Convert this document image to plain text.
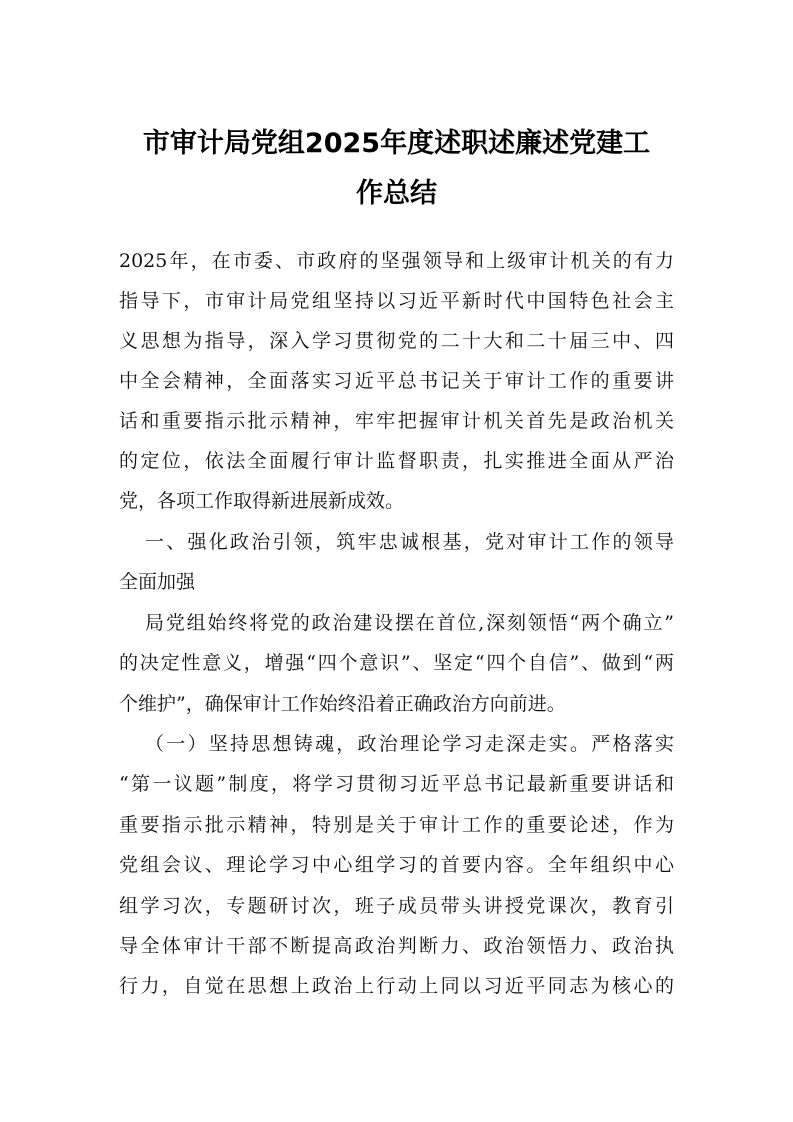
市审计局党组2025年度述职述廉述党建工
作总结
2025年，在市委、市政府的坚强领导和上级审计机关的有力
指导下，市审计局党组坚持以习近平新时代中国特色社会主
义思想为指导，深入学习贯彻党的二十大和二十届三中、四
中全会精神，全面落实习近平总书记关于审计工作的重要讲
话和重要指示批示精神，牢牢把握审计机关首先是政治机关
的定位，依法全面履行审计监督职责，扎实推进全面从严治
党，各项工作取得新进展新成效。
一、强化政治引领，筑牢忠诚根基，党对审计工作的领导
全面加强
局党组始终将党的政治建设摆在首位,深刻领悟“两个确立”
的决定性意义，增强“四个意识”、坚定“四个自信”、做到“两
个维护”，确保审计工作始终沿着正确政治方向前进。
（一）坚持思想铸魂，政治理论学习走深走实。严格落实
“第一议题”制度，将学习贯彻习近平总书记最新重要讲话和
重要指示批示精神，特别是关于审计工作的重要论述，作为
党组会议、理论学习中心组学习的首要内容。全年组织中心
组学习次，专题研讨次，班子成员带头讲授党课次，教育引
导全体审计干部不断提高政治判断力、政治领悟力、政治执
行力，自觉在思想上政治上行动上同以习近平同志为核心的
